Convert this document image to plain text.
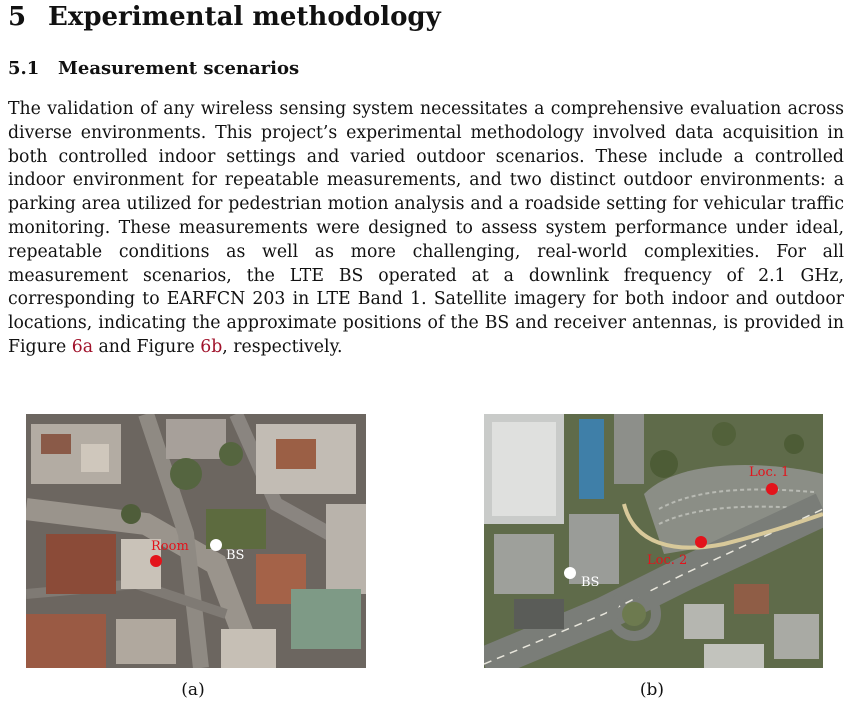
5 Experimental methodology
5.1 Measurement scenarios

The validation of any wireless sensing system necessitates a comprehensive evaluation across diverse environments. This project’s experimental methodology involved data acquisition in both controlled indoor settings and varied outdoor scenarios. These include a controlled indoor environment for repeatable measurements, and two distinct outdoor environments: a parking area utilized for pedestrian motion analysis and a roadside setting for vehicular traffic monitoring. These measurements were designed to assess system performance under ideal, repeatable conditions as well as more challenging, real-world complexities. For all measurement scenarios, the LTE BS operated at a downlink frequency of 2.1 GHz, corresponding to EARFCN 203 in LTE Band 1. Satellite imagery for both indoor and outdoor locations, indicating the approximate positions of the BS and receiver antennas, is provided in Figure 6a and Figure 6b, respectively.

Room
BS
(a)
Loc. 1
Loc. 2
BS
(b)
